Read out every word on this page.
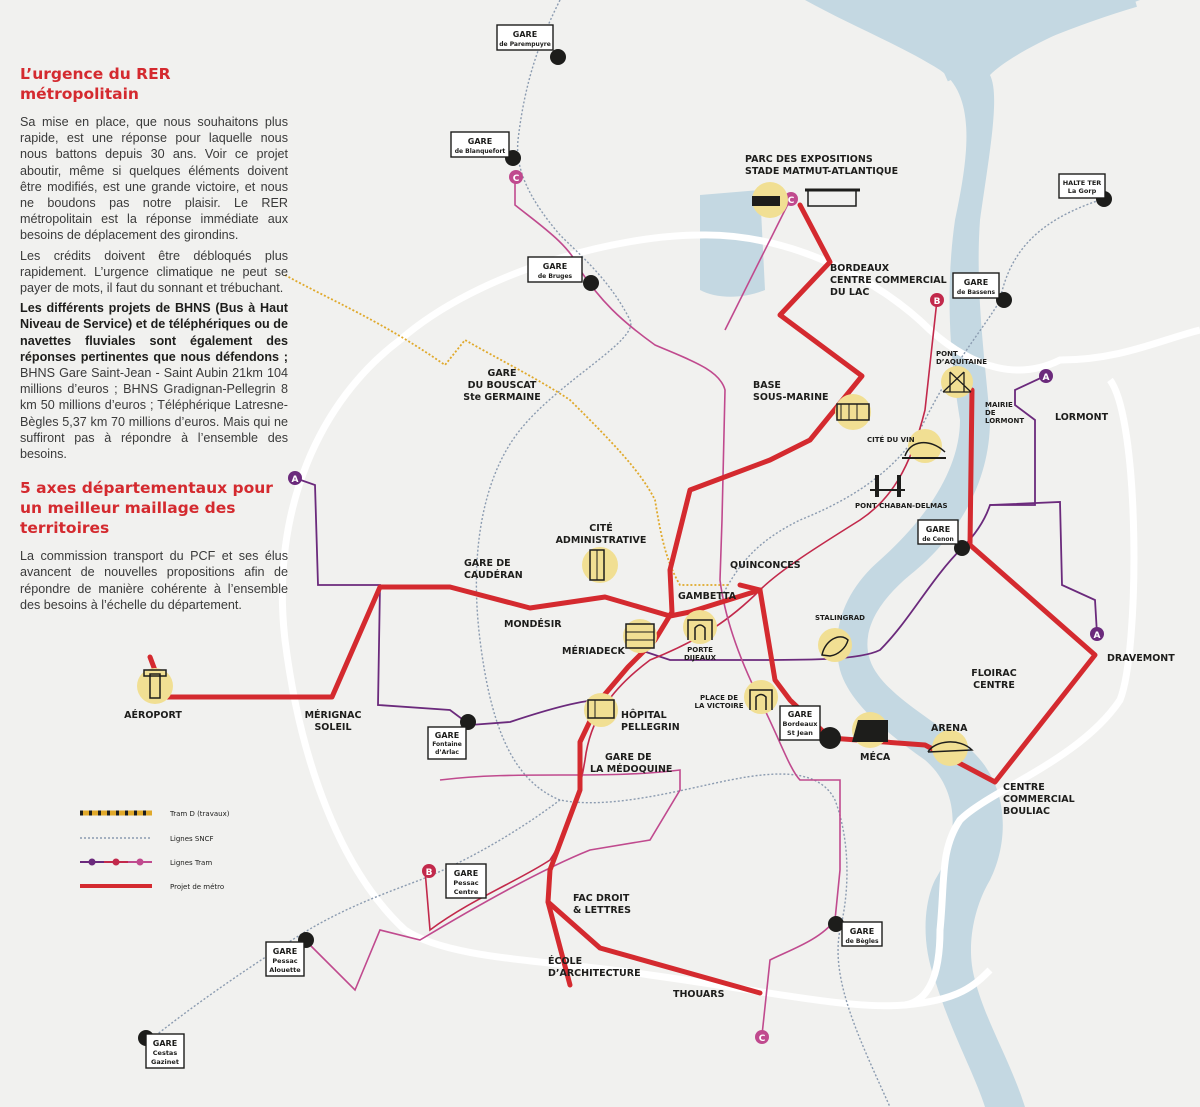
A
A
A
B
B
C
C
C
GARE
de Parempuyre
GARE
de Blanquefort
GARE
de Bruges
HALTE TER
La Gorp
GARE
de Bassens
GARE
de Cenon
GARE
Fontaine
d’Arlac
GARE
Bordeaux
St Jean
GARE
Pessac
Centre
GARE
Pessac
Alouette
GARE
de Bègles
GARE
Cestas
Gazinet
PARC DES EXPOSITIONS
STADE MATMUT-ATLANTIQUE
BORDEAUX
CENTRE COMMERCIAL
DU LAC
BASE
SOUS-MARINE
GARE
DU BOUSCAT
Ste GERMAINE
PONT
D’AQUITAINE
MAIRIE
DE
LORMONT	LORMONT
CITÉ DU VIN
PONT CHABAN-DELMAS
CITÉ
ADMINISTRATIVE
GARE DE
CAUDÉRAN
QUINCONCES
GAMBETTA
MONDÉSIR
MÉRIADECK	PORTE
DIJEAUX
STALINGRAD
DRAVEMONT
FLOIRAC
CENTRE
AÉROPORT	MÉRIGNAC
SOLEIL
HÔPITAL
PELLEGRIN
PLACE DE
LA VICTOIRE
ARENA
MÉCA
GARE DE
LA MÉDOQUINE
CENTRE
COMMERCIAL
BOULIAC
FAC DROIT
& LETTRES
ÉCOLE
D’ARCHITECTURE
THOUARS
Tram D (travaux)
Lignes SNCF
Lignes Tram
Projet de métro
L’urgence du RER métropolitain

Sa mise en place, que nous souhaitons plus rapide, est une réponse pour laquelle nous nous battons depuis 30 ans. Voir ce projet aboutir, même si quelques éléments doivent être modifiés, est une grande victoire, et nous ne boudons pas notre plaisir. Le RER métropolitain est la réponse immédiate aux besoins de déplacement des girondins.

Les crédits doivent être débloqués plus rapidement. L’urgence climatique ne peut se payer de mots, il faut du sonnant et trébuchant.

Les différents projets de BHNS (Bus à Haut Niveau de Service) et de téléphériques ou de navettes fluviales sont également des réponses pertinentes que nous défendons ; BHNS Gare Saint-Jean - Saint Aubin 21km 104 millions d’euros ; BHNS Gradignan-Pellegrin 8 km 50 millions d’euros ; Téléphérique Latresne-Bègles 5,37 km 70 millions d’euros. Mais qui ne suffiront pas à répondre à l’ensemble des besoins.

5 axes départementaux pour un meilleur maillage des territoires

La commission transport du PCF et ses élus avancent de nouvelles propositions afin de répondre de manière cohérente à l’ensemble des besoins à l’échelle du département.
